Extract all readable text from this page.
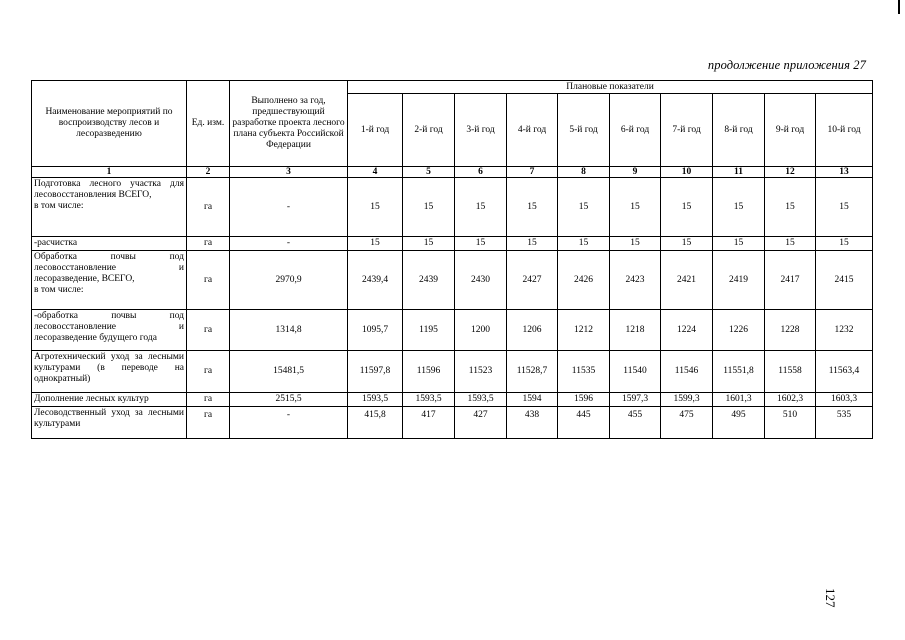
продолжение приложения 27
Наименование мероприятий по воспроизводству лесов и лесоразведению	Ед. изм.	Выполнено за год, предшествующий разработке проекта лесного плана субъекта Российской Федерации	Плановые показатели									
			1-й год	2-й год	3-й год	4-й год	5-й год	6-й год	7-й год	8-й год	9-й год	10-й год
1	2	3	4	5	6	7	8	9	10	11	12	13
Подготовка лесного участка для лесовосстановления ВСЕГО,
в том числе:	га	-	15	15	15	15	15	15	15	15	15	15
-расчистка	га	-	15	15	15	15	15	15	15	15	15	15
Обработка почвы под лесовосстановление и лесоразведение, ВСЕГО,
в том числе:	га	2970,9	2439,4	2439	2430	2427	2426	2423	2421	2419	2417	2415
-обработка почвы под лесовосстановление и лесоразведение будущего года	га	1314,8	1095,7	1195	1200	1206	1212	1218	1224	1226	1228	1232
Агротехнический уход за лесными культурами (в переводе на однократный)	га	15481,5	11597,8	11596	11523	11528,7	11535	11540	11546	11551,8	11558	11563,4
Дополнение лесных культур	га	2515,5	1593,5	1593,5	1593,5	1594	1596	1597,3	1599,3	1601,3	1602,3	1603,3
Лесоводственный уход за лесными культурами	га	-	415,8	417	427	438	445	455	475	495	510	535
127
